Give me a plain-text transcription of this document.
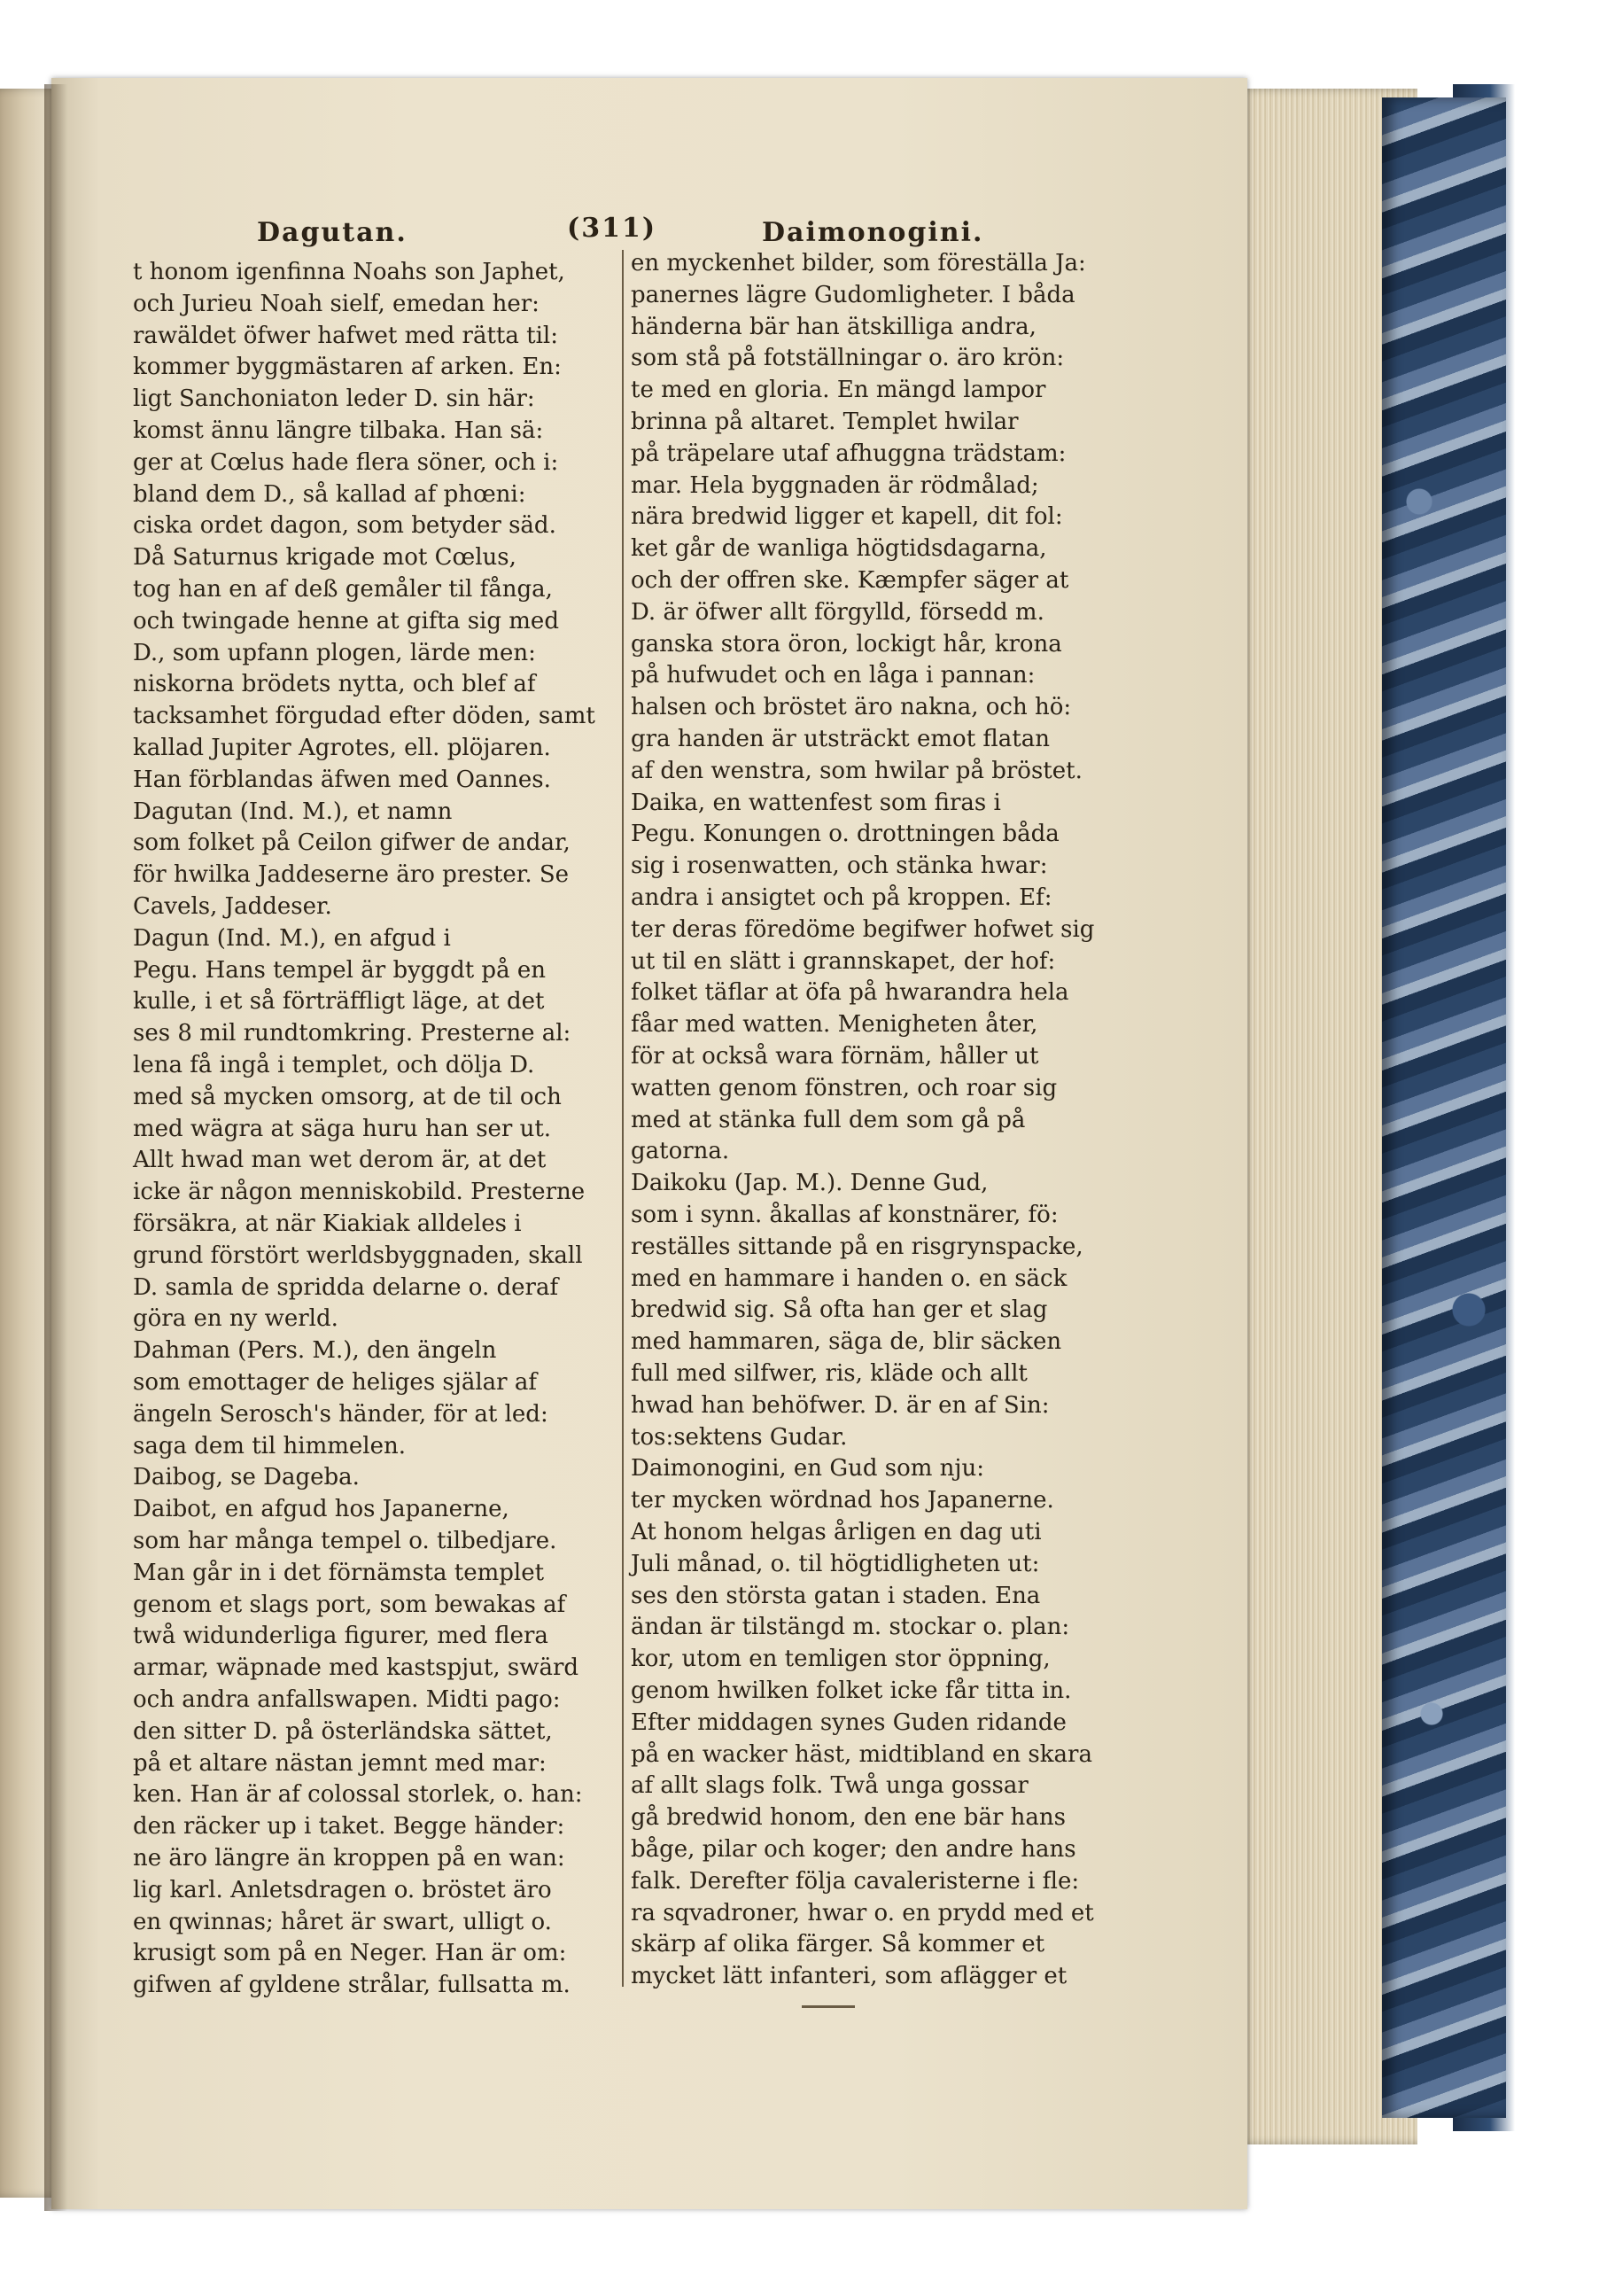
Dagutan.	(311)	Daimonogini.
t honom igenfinna Noahs son Japhet,
och Jurieu Noah sielf, emedan her:
rawäldet öfwer hafwet med rätta til:
kommer byggmästaren af arken. En:
ligt Sanchoniaton leder D. sin här:
komst ännu längre tilbaka. Han sä:
ger at Cœlus hade flera söner, och i:
bland dem D., så kallad af phœni:
ciska ordet dagon, som betyder säd.
Då Saturnus krigade mot Cœlus,
tog han en af deß gemåler til fånga,
och twingade henne at gifta sig med
D., som upfann plogen, lärde men:
niskorna brödets nytta, och blef af
tacksamhet förgudad efter döden, samt
kallad Jupiter Agrotes, ell. plöjaren.
Han förblandas äfwen med Oannes.
Dagutan (Ind. M.), et namn
som folket på Ceilon gifwer de andar,
för hwilka Jaddeserne äro prester. Se
Cavels, Jaddeser.
Dagun (Ind. M.), en afgud i
Pegu. Hans tempel är byggdt på en
kulle, i et så förträffligt läge, at det
ses 8 mil rundtomkring. Presterne al:
lena få ingå i templet, och dölja D.
med så mycken omsorg, at de til och
med wägra at säga huru han ser ut.
Allt hwad man wet derom är, at det
icke är någon menniskobild. Presterne
försäkra, at när Kiakiak alldeles i
grund förstört werldsbyggnaden, skall
D. samla de spridda delarne o. deraf
göra en ny werld.
Dahman (Pers. M.), den ängeln
som emottager de heliges själar af
ängeln Serosch's händer, för at led:
saga dem til himmelen.
Daibog, se Dageba.
Daibot, en afgud hos Japanerne,
som har många tempel o. tilbedjare.
Man går in i det förnämsta templet
genom et slags port, som bewakas af
twå widunderliga figurer, med flera
armar, wäpnade med kastspjut, swärd
och andra anfallswapen. Midti pago:
den sitter D. på österländska sättet,
på et altare nästan jemnt med mar:
ken. Han är af colossal storlek, o. han:
den räcker up i taket. Begge händer:
ne äro längre än kroppen på en wan:
lig karl. Anletsdragen o. bröstet äro
en qwinnas; håret är swart, ulligt o.
krusigt som på en Neger. Han är om:
gifwen af gyldene strålar, fullsatta m.
en myckenhet bilder, som föreställa Ja:
panernes lägre Gudomligheter. I båda
händerna bär han ätskilliga andra,
som stå på fotställningar o. äro krön:
te med en gloria. En mängd lampor
brinna på altaret. Templet hwilar
på träpelare utaf afhuggna trädstam:
mar. Hela byggnaden är rödmålad;
nära bredwid ligger et kapell, dit fol:
ket går de wanliga högtidsdagarna,
och der offren ske. Kæmpfer säger at
D. är öfwer allt förgylld, försedd m.
ganska stora öron, lockigt hår, krona
på hufwudet och en låga i pannan:
halsen och bröstet äro nakna, och hö:
gra handen är utsträckt emot flatan
af den wenstra, som hwilar på bröstet.
Daika, en wattenfest som firas i
Pegu. Konungen o. drottningen båda
sig i rosenwatten, och stänka hwar:
andra i ansigtet och på kroppen. Ef:
ter deras föredöme begifwer hofwet sig
ut til en slätt i grannskapet, der hof:
folket täflar at öfa på hwarandra hela
fåar med watten. Menigheten åter,
för at också wara förnäm, håller ut
watten genom fönstren, och roar sig
med at stänka full dem som gå på
gatorna.
Daikoku (Jap. M.). Denne Gud,
som i synn. åkallas af konstnärer, fö:
reställes sittande på en risgrynspacke,
med en hammare i handen o. en säck
bredwid sig. Så ofta han ger et slag
med hammaren, säga de, blir säcken
full med silfwer, ris, kläde och allt
hwad han behöfwer. D. är en af Sin:
tos:sektens Gudar.
Daimonogini, en Gud som nju:
ter mycken wördnad hos Japanerne.
At honom helgas årligen en dag uti
Juli månad, o. til högtidligheten ut:
ses den största gatan i staden. Ena
ändan är tilstängd m. stockar o. plan:
kor, utom en temligen stor öppning,
genom hwilken folket icke får titta in.
Efter middagen synes Guden ridande
på en wacker häst, midtibland en skara
af allt slags folk. Twå unga gossar
gå bredwid honom, den ene bär hans
båge, pilar och koger; den andre hans
falk. Derefter följa cavaleristerne i fle:
ra sqvadroner, hwar o. en prydd med et
skärp af olika färger. Så kommer et
mycket lätt infanteri, som aflägger et
